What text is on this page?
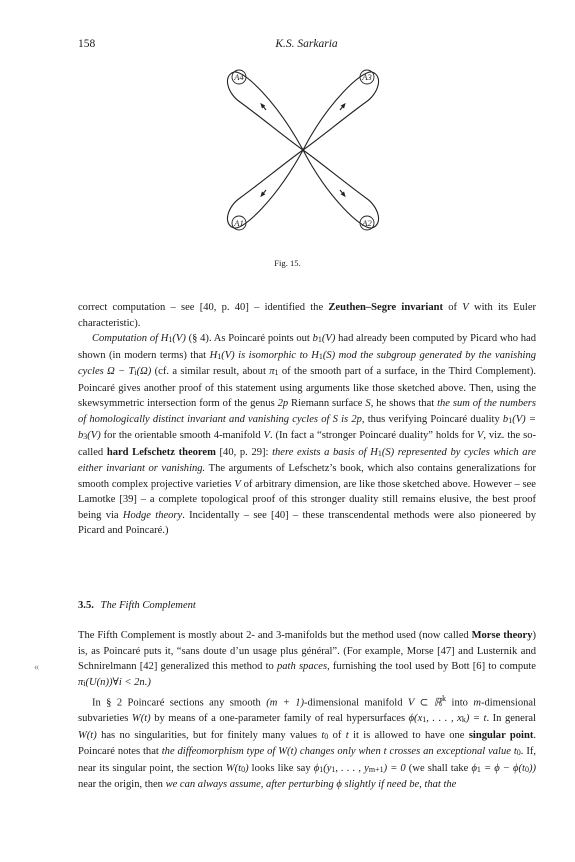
158	K.S. Sarkaria
A4	A3
A1	A2
Fig. 15.

correct computation – see [40, p. 40] – identified the Zeuthen–Segre invariant of V with its Euler characteristic).

Computation of $H_1(V)$ (§ 4). As Poincaré points out $b_1(V)$ had already been computed by Picard who had shown (in modern terms) that $H_1(V)$ is isomorphic to $H_1(S)$ mod the subgroup generated by the vanishing cycles $\Omega - T_i(\Omega)$ (cf. a similar result, about $\pi_1$ of the smooth part of a surface, in the Third Complement). Poincaré gives another proof of this statement using arguments like those sketched above. Then, using the skewsymmetric intersection form of the genus 2p Riemann surface S, he shows that the sum of the numbers of homologically distinct invariant and vanishing cycles of S is 2p, thus verifying Poincaré duality $b_1(V) = b_3(V)$ for the orientable smooth 4-manifold V. (In fact a “stronger Poincaré duality” holds for V, viz. the so-called hard Lefschetz theorem [40, p. 29]: there exists a basis of $H_1(S)$ represented by cycles which are either invariant or vanishing. The arguments of Lefschetz’s book, which also contains generalizations for smooth complex projective varieties V of arbitrary dimension, are like those sketched above. However – see Lamotke [39] – a complete topological proof of this stronger duality still remains elusive, the best proof being via Hodge theory. Incidentally – see [40] – these transcendental methods were also pioneered by Picard and Poincaré.)

3.5. The Fifth Complement

The Fifth Complement is mostly about 2- and 3-manifolds but the method used (now called Morse theory) is, as Poincaré puts it, “sans doute d’un usage plus général”. (For example, Morse [47] and Lusternik and Schnirelmann [42] generalized this method to path spaces, furnishing the tool used by Bott [6] to compute $\pi_i(U(n))\forall i < 2n$.)

In § 2 Poincaré sections any smooth (m + 1)-dimensional manifold V ⊂ ℝ$^k$ into m-dimensional subvarieties W(t) by means of a one-parameter family of real hypersurfaces $\phi(x_1$, . . . , $x_k) = t$. In general W(t) has no singularities, but for finitely many values $t_0$ of t it is allowed to have one singular point. Poincaré notes that the diffeomorphism type of W(t) changes only when t crosses an exceptional value $t_0$. If, near its singular point, the section $W(t_0)$ looks like say $\phi_1(y_1$, . . . , $y_{m+1}) = 0$ (we shall take $\phi_1 = \phi - \phi(t_0)$) near the origin, then we can always assume, after perturbing ϕ slightly if need be, that the

«
